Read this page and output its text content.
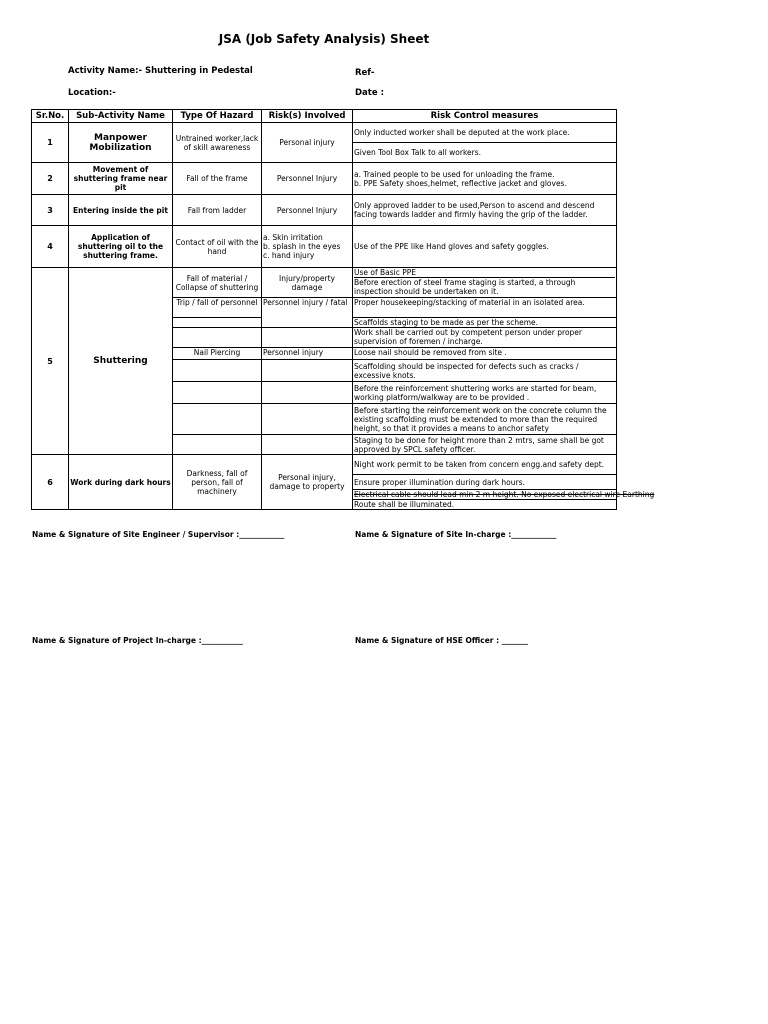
JSA (Job Safety Analysis) Sheet
Activity Name:- Shuttering in Pedestal	Ref-
Location:-	Date :
Sr.No.	Sub-Activity Name	Type Of Hazard	Risk(s) Involved	Risk Control measures
1	Manpower Mobilization	Untrained worker,lack of skill awareness	Personal injury	Only inducted worker shall be deputed at the work place.
				Given Tool Box Talk to all workers.
2	Movement of shuttering frame near pit	Fall of the frame	Personnel Injury	a. Trained people to be used for unloading the frame.
b. PPE Safety shoes,helmet, reflective jacket and gloves.

3	Entering inside the pit	Fall from ladder	Personnel Injury	Only approved ladder to be used,Person to ascend and descend facing towards ladder and firmly having the grip of the ladder.
4	Application of shuttering oil to the shuttering frame.	Contact of oil with the hand	a. Skin irritation
b. splash in the eyes
c. hand injury	Use of the PPE like Hand gloves and safety goggles.
5	Shuttering	Fall of material / Collapse of shuttering	Injury/property damage	Use of Basic PPE
Before erection of steel frame staging is started, a through inspection should be undertaken on it.

		Trip / fall of personnel	Personnel injury / fatal	Proper housekeeping/stacking of material in an isolated area.
				Scaffolds staging to be made as per the scheme.
				Work shall be carried out by competent person under proper supervision of foremen / incharge.
		Nail Piercing	Personnel injury	Loose nail should be removed from site .
				Scaffolding should be inspected for defects such as cracks / excessive knots.
				Before the reinforcement shuttering works are started for beam, working platform/walkway are to be provided .
				Before starting the reinforcement work on the concrete column the existing scaffolding must be extended to more than the required height, so that it provides a means to anchor safety
				Staging to be done for height more than 2 mtrs, same shall be got approved by SPCL safety officer.
6	Work during dark hours	Darkness, fall of person, fall of machinery	Personal injury, damage to property	Night work permit to be taken from concern engg.and safety dept.
				Ensure proper illumination during dark hours.
				Electrical cable should lead min 2 m height. No exposed electrical wire Earthing
				Route shall be illuminated.
Name & Signature of Site Engineer / Supervisor :____________	Name & Signature of Site In-charge :____________
Name & Signature of Project In-charge :___________	Name & Signature of HSE Officer : _______
